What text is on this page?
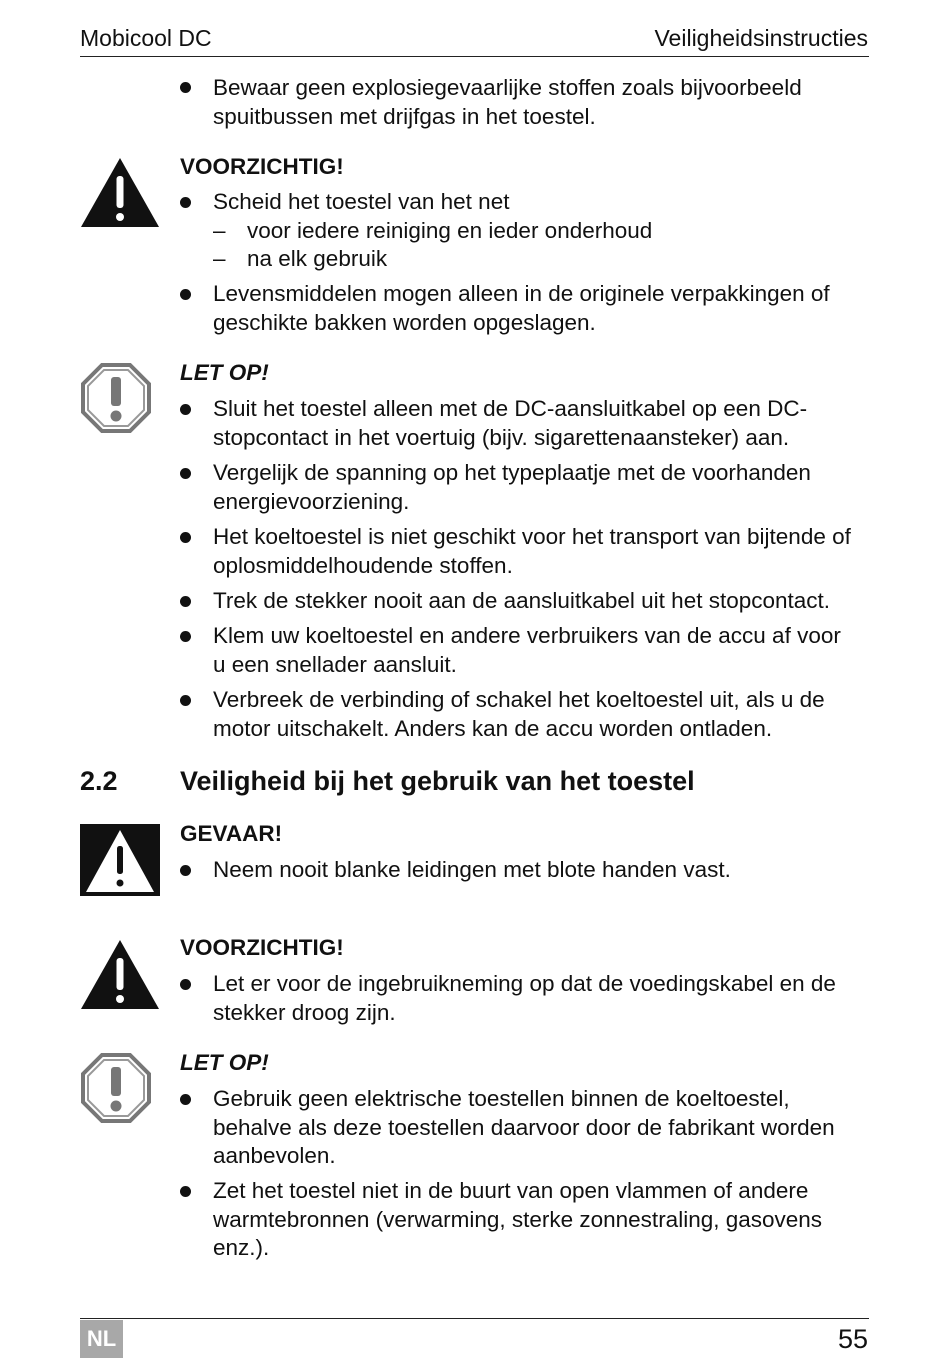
Mobicool DC	Veiligheidsinstructies
Bewaar geen explosiegevaarlijke stoffen zoals bijvoorbeeld
spuitbussen met drijfgas in het toestel.
VOORZICHTIG!
Scheid het toestel van het net
– voor iedere reiniging en ieder onderhoud
– na elk gebruik
Levensmiddelen mogen alleen in de originele verpakkingen of
geschikte bakken worden opgeslagen.
LET OP!
Sluit het toestel alleen met de DC-aansluitkabel op een DC-
stopcontact in het voertuig (bijv. sigarettenaansteker) aan.
Vergelijk de spanning op het typeplaatje met de voorhanden
energievoorziening.
Het koeltoestel is niet geschikt voor het transport van bijtende of
oplosmiddelhoudende stoffen.
Trek de stekker nooit aan de aansluitkabel uit het stopcontact.
Klem uw koeltoestel en andere verbruikers van de accu af voor
u een snellader aansluit.
Verbreek de verbinding of schakel het koeltoestel uit, als u de
motor uitschakelt. Anders kan de accu worden ontladen.
2.2 Veiligheid bij het gebruik van het toestel
GEVAAR!
Neem nooit blanke leidingen met blote handen vast.
VOORZICHTIG!
Let er voor de ingebruikneming op dat de voedingskabel en de
stekker droog zijn.
LET OP!
Gebruik geen elektrische toestellen binnen de koeltoestel,
behalve als deze toestellen daarvoor door de fabrikant worden
aanbevolen.
Zet het toestel niet in de buurt van open vlammen of andere
warmtebronnen (verwarming, sterke zonnestraling, gasovens
enz.).
NL	55
